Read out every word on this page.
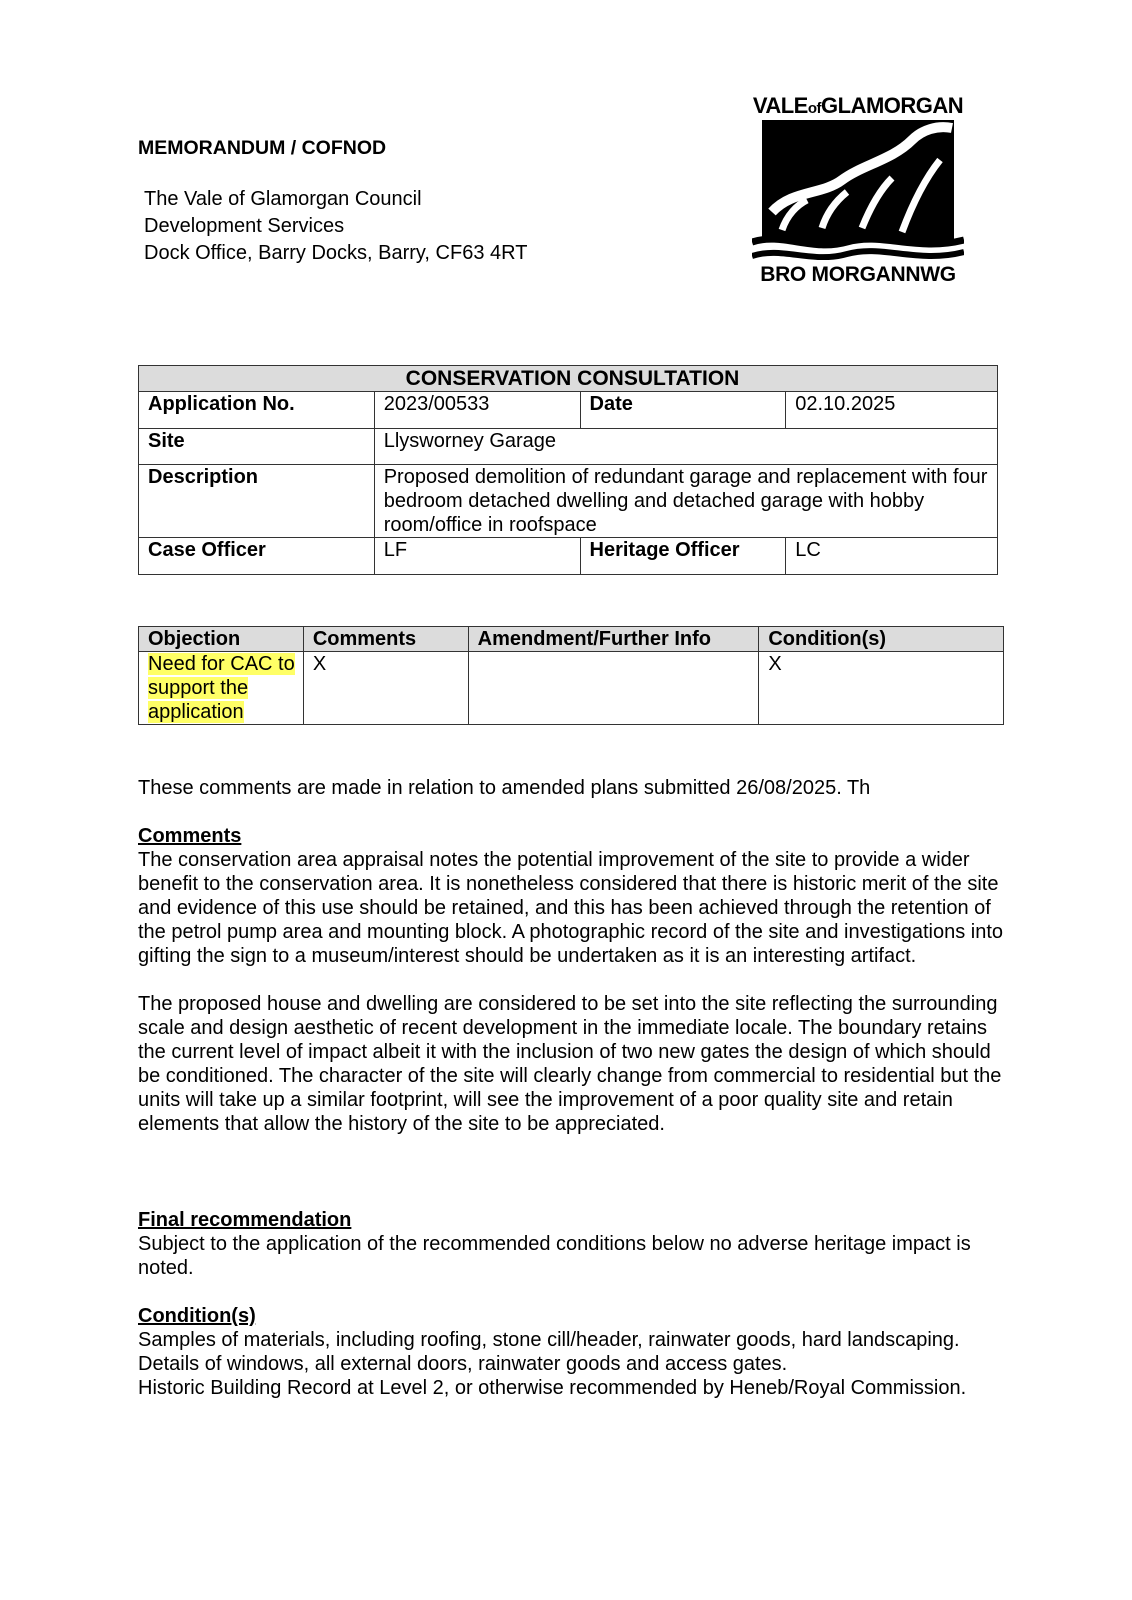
MEMORANDUM / COFNOD
The Vale of Glamorgan Council
Development Services
Dock Office, Barry Docks, Barry, CF63 4RT
VALEofGLAMORGAN
BRO MORGANNWG
CONSERVATION CONSULTATION			
Application No.	2023/00533	Date	02.10.2025
Site	Llysworney Garage		
Description	Proposed demolition of redundant garage and replacement with four bedroom detached dwelling and detached garage with hobby room/office in roofspace		
Case Officer	LF	Heritage Officer	LC
Objection	Comments	Amendment/Further Info	Condition(s)
Need for CAC to support the application	X		X
These comments are made in relation to amended plans submitted 26/08/2025. Th

Comments

The conservation area appraisal notes the potential improvement of the site to provide a wider benefit to the conservation area. It is nonetheless considered that there is historic merit of the site and evidence of this use should be retained, and this has been achieved through the retention of the petrol pump area and mounting block. A photographic record of the site and investigations into gifting the sign to a museum/interest should be undertaken as it is an interesting artifact.

The proposed house and dwelling are considered to be set into the site reflecting the surrounding scale and design aesthetic of recent development in the immediate locale. The boundary retains the current level of impact albeit it with the inclusion of two new gates the design of which should be conditioned. The character of the site will clearly change from commercial to residential but the units will take up a similar footprint, will see the improvement of a poor quality site and retain elements that allow the history of the site to be appreciated.

Final recommendation

Subject to the application of the recommended conditions below no adverse heritage impact is noted.

Condition(s)

Samples of materials, including roofing, stone cill/header, rainwater goods, hard landscaping.

Details of windows, all external doors, rainwater goods and access gates.

Historic Building Record at Level 2, or otherwise recommended by Heneb/Royal Commission.
